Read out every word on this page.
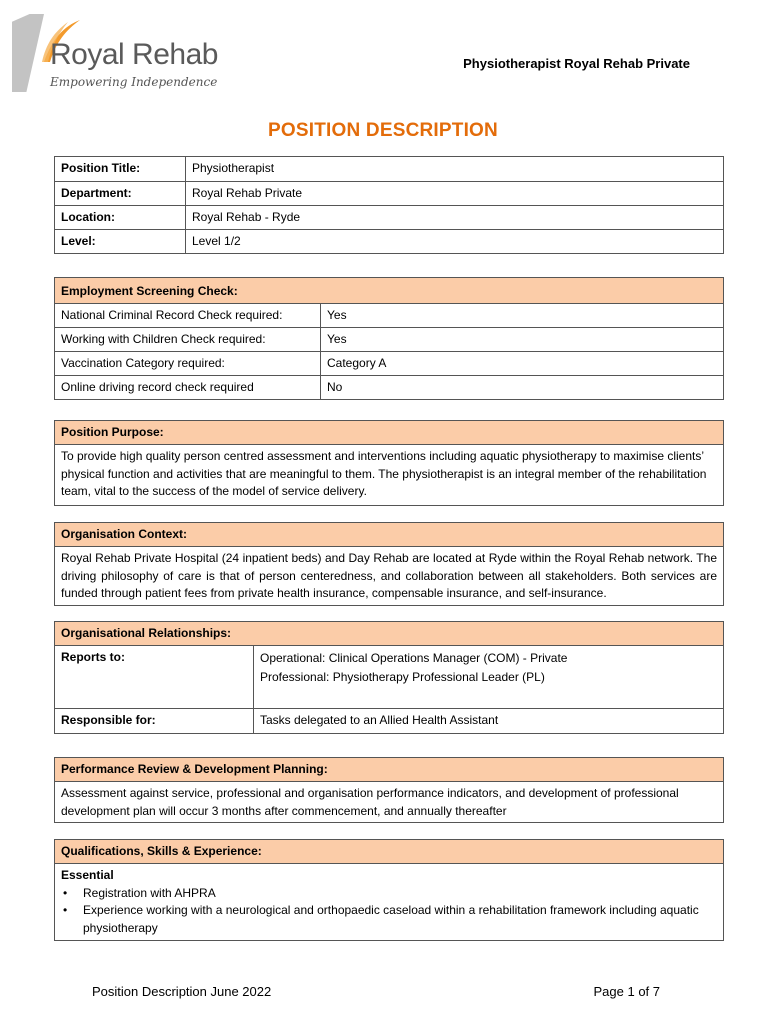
Royal Rehab
Empowering Independence
Physiotherapist Royal Rehab Private
POSITION DESCRIPTION
Position Title:	Physiotherapist
Department:	Royal Rehab Private
Location:	Royal Rehab - Ryde
Level:	Level 1/2
Employment Screening Check:	
National Criminal Record Check required:	Yes
Working with Children Check required:	Yes
Vaccination Category required:	Category A
Online driving record check required	No
Position Purpose:
To provide high quality person centred assessment and interventions including aquatic physiotherapy to maximise clients’ physical function and activities that are meaningful to them. The physiotherapist is an integral member of the rehabilitation team, vital to the success of the model of service delivery.
Organisation Context:
Royal Rehab Private Hospital (24 inpatient beds) and Day Rehab are located at Ryde within the Royal Rehab network. The driving philosophy of care is that of person centeredness, and collaboration between all stakeholders. Both services are funded through patient fees from private health insurance, compensable insurance, and self-insurance.
Organisational Relationships:	
Reports to:	Operational: Clinical Operations Manager (COM) - Private
Professional: Physiotherapy Professional Leader (PL)

Responsible for:	Tasks delegated to an Allied Health Assistant
Performance Review & Development Planning:
Assessment against service, professional and organisation performance indicators, and development of professional development plan will occur 3 months after commencement, and annually thereafter
Qualifications, Skills & Experience:

Essential
• Registration with AHPRA
• Experience working with a neurological and orthopaedic caseload within a rehabilitation framework including aquatic physiotherapy
Position Description June 2022	Page 1 of 7
